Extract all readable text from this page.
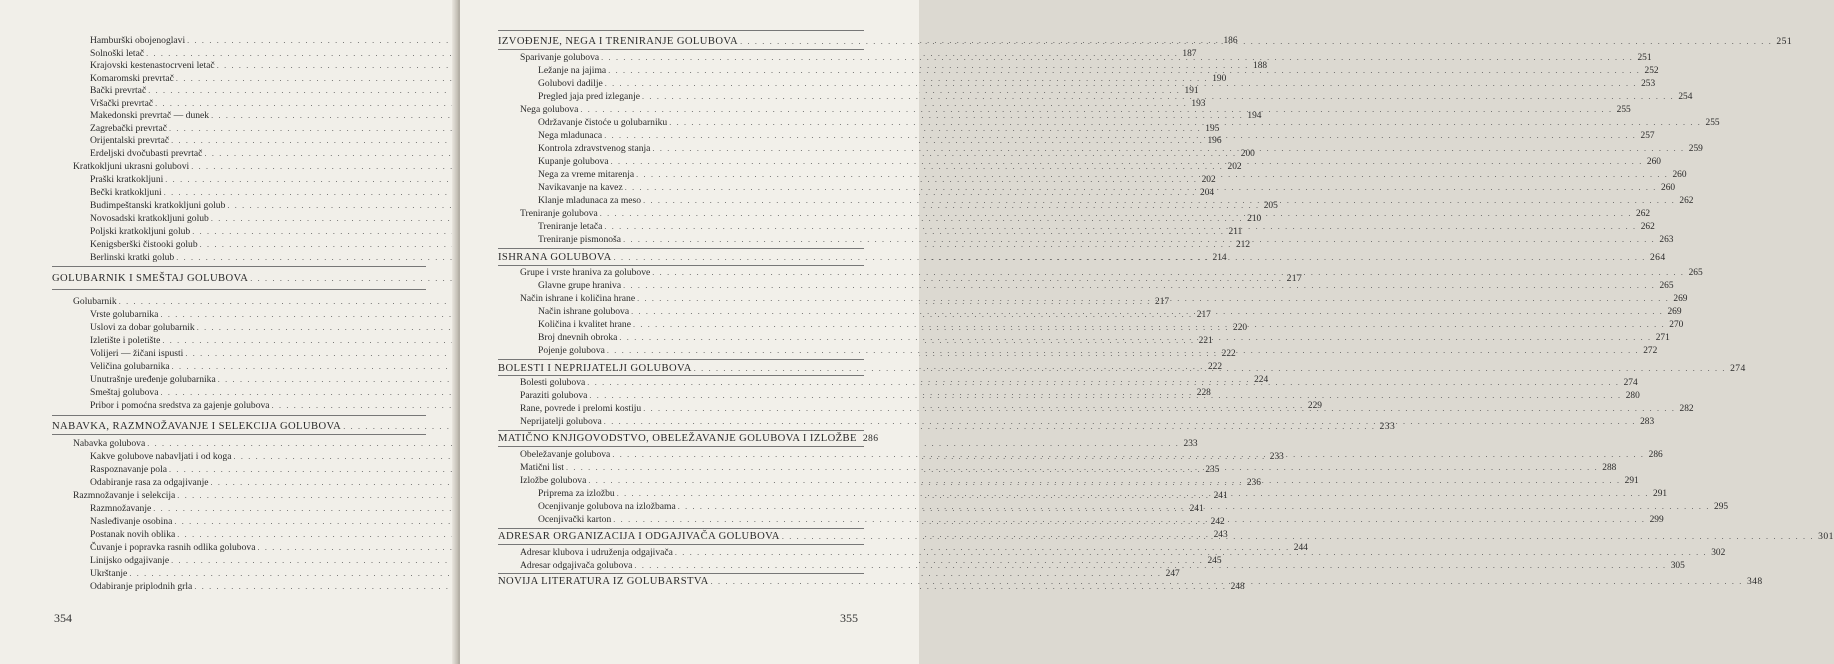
Hamburški obojenoglavi . . .	186
Solnoški letač . . .	187
Krajovski kestenastocrveni letač . . .	188
Komaromski prevrtač . . .	190
Bački prevrtač . . .	191
Vršački prevrtač . . .	193
Makedonski prevrtač — dunek . . .	194
Zagrebački prevrtač . . .	195
Orijentalski prevrtač . . .	196
Erdeljski dvočubasti prevrtač . . .	200
Kratkokljuni ukrasni golubovi . . .	202
Praški kratkokljuni . . .	202
Bečki kratkokljuni . . .	204
Budimpeštanski kratkokljuni golub . . .	205
Novosadski kratkokljuni golub . . .	210
Poljski kratkokljuni golub . . .	211
Kenigsberški čistooki golub . . .	212
Berlinski kratki golub . . .	214
GOLUBARNIK I SMEŠTAJ GOLUBOVA . . .	217
Golubarnik . . .	217
Vrste golubarnika . . .	217
Uslovi za dobar golubarnik . . .	220
Izletište i poletište . . .	221
Volijeri — žičani ispusti . . .	222
Veličina golubarnika . . .	222
Unutrašnje uređenje golubarnika . . .	224
Smeštaj golubova . . .	228
Pribor i pomoćna sredstva za gajenje golubova . . .	229
NABAVKA, RAZMNOŽAVANJE I SELEKCIJA GOLUBOVA . . .	233
Nabavka golubova . . .	233
Kakve golubove nabavljati i od koga . . .	233
Raspoznavanje pola . . .	235
Odabiranje rasa za odgajivanje . . .	236
Razmnožavanje i selekcija . . .	241
Razmnožavanje . . .	241
Nasleđivanje osobina . . .	242
Postanak novih oblika . . .	243
Čuvanje i popravka rasnih odlika golubova . . .	244
Linijsko odgajivanje . . .	245
Ukrštanje . . .	247
Odabiranje priplodnih grla . . .	248
354
IZVOĐENJE, NEGA I TRENIRANJE GOLUBOVA . . .	251
Sparivanje golubova . . .	251
Ležanje na jajima . . .	252
Golubovi dadilje . . .	253
Pregled jaja pred izleganje . . .	254
Nega golubova . . .	255
Održavanje čistoće u golubarniku . . .	255
Nega mladunaca . . .	257
Kontrola zdravstvenog stanja . . .	259
Kupanje golubova . . .	260
Nega za vreme mitarenja . . .	260
Navikavanje na kavez . . .	260
Klanje mladunaca za meso . . .	262
Treniranje golubova . . .	262
Treniranje letača . . .	262
Treniranje pismonoša . . .	263
ISHRANA GOLUBOVA . . .	264
Grupe i vrste hraniva za golubove . . .	265
Glavne grupe hraniva . . .	265
Način ishrane i količina hrane . . .	269
Način ishrane golubova . . .	269
Količina i kvalitet hrane . . .	270
Broj dnevnih obroka . . .	271
Pojenje golubova . . .	272
BOLESTI I NEPRIJATELJI GOLUBOVA . . .	274
Bolesti golubova . . .	274
Paraziti golubova . . .	280
Rane, povrede i prelomi kostiju . . .	282
Neprijatelji golubova . . .	283
MATIČNO KNJIGOVODSTVO, OBELEŽAVANJE GOLUBOVA I IZLOŽBE 286
Obeležavanje golubova . . .	286
Matični list . . .	288
Izložbe golubova . . .	291
Priprema za izložbu . . .	291
Ocenjivanje golubova na izložbama . . .	295
Ocenjivački karton . . .	299
ADRESAR ORGANIZACIJA I ODGAJIVAČA GOLUBOVA . . .	301
Adresar klubova i udruženja odgajivača . . .	302
Adresar odgajivača golubova . . .	305
NOVIJA LITERATURA IZ GOLUBARSTVA . . .	348
355
